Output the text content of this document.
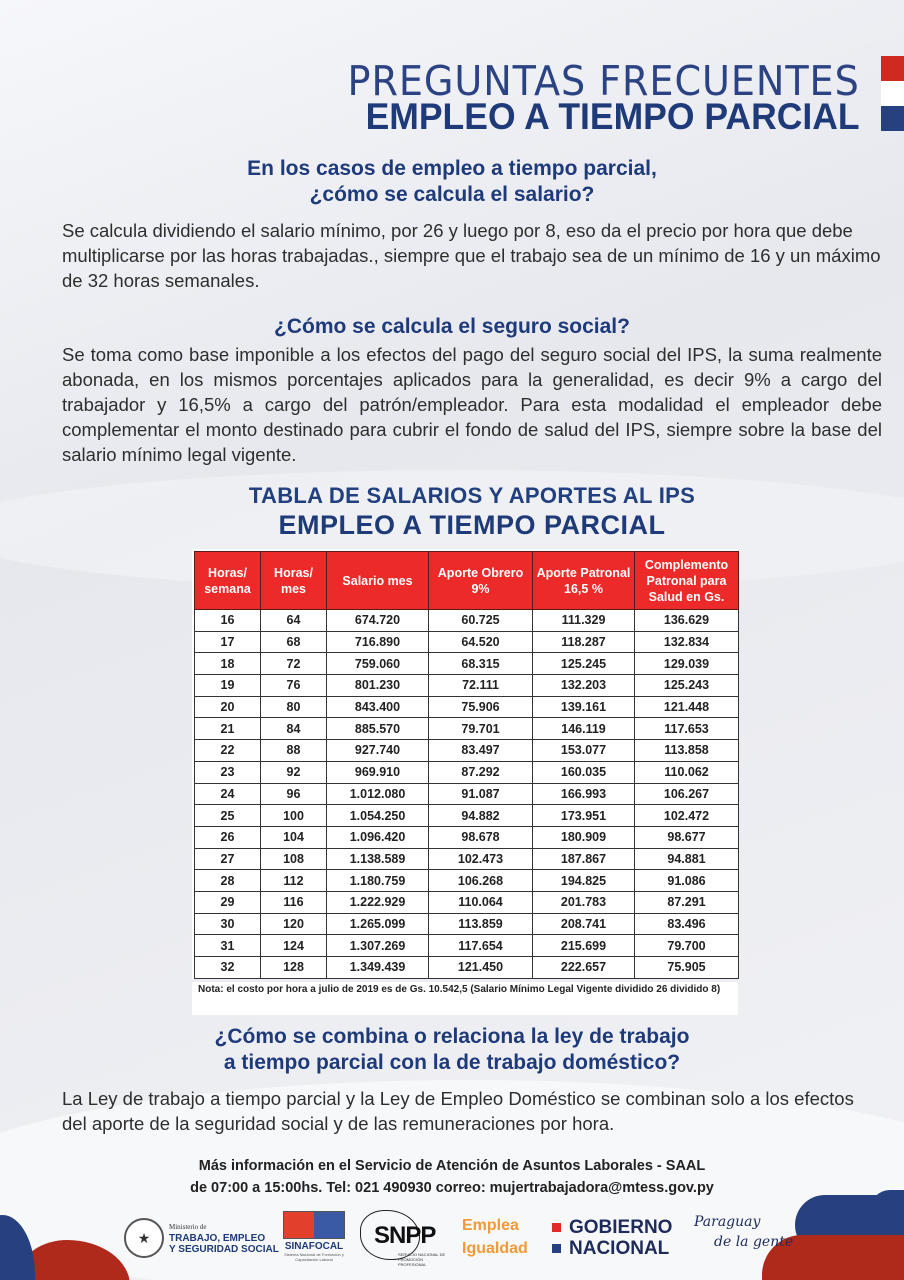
PREGUNTAS FRECUENTES
EMPLEO A TIEMPO PARCIAL
En los casos de empleo a tiempo parcial,
¿cómo se calcula el salario?
Se calcula dividiendo el salario mínimo, por 26 y luego por 8, eso da el precio por hora que debe multiplicarse por las horas trabajadas., siempre que el trabajo sea de un mínimo de 16 y un máximo de 32 horas semanales.
¿Cómo se calcula el seguro social?
Se toma como base imponible a los efectos del pago del seguro social del IPS, la suma realmente abonada, en los mismos porcentajes aplicados para la generalidad, es decir 9% a cargo del trabajador y 16,5% a cargo del patrón/empleador. Para esta modalidad el empleador debe complementar el monto destinado para cubrir el fondo de salud del IPS, siempre sobre la base del salario mínimo legal vigente.
TABLA DE SALARIOS Y APORTES AL IPS
EMPLEO A TIEMPO PARCIAL
Horas/ semana	Horas/ mes	Salario mes	Aporte Obrero 9%	Aporte Patronal 16,5 %	Complemento Patronal para Salud en Gs.
16	64	674.720	60.725	111.329	136.629
17	68	716.890	64.520	118.287	132.834
18	72	759.060	68.315	125.245	129.039
19	76	801.230	72.111	132.203	125.243
20	80	843.400	75.906	139.161	121.448
21	84	885.570	79.701	146.119	117.653
22	88	927.740	83.497	153.077	113.858
23	92	969.910	87.292	160.035	110.062
24	96	1.012.080	91.087	166.993	106.267
25	100	1.054.250	94.882	173.951	102.472
26	104	1.096.420	98.678	180.909	98.677
27	108	1.138.589	102.473	187.867	94.881
28	112	1.180.759	106.268	194.825	91.086
29	116	1.222.929	110.064	201.783	87.291
30	120	1.265.099	113.859	208.741	83.496
31	124	1.307.269	117.654	215.699	79.700
32	128	1.349.439	121.450	222.657	75.905
Nota: el costo por hora a julio de 2019 es de Gs. 10.542,5 (Salario Mínimo Legal Vigente dividido 26 dividido 8)
¿Cómo se combina o relaciona la ley de trabajo
a tiempo parcial con la de trabajo doméstico?
La Ley de trabajo a tiempo parcial y la Ley de Empleo Doméstico se combinan solo a los efectos del aporte de la seguridad social y de las remuneraciones por hora.
Más información en el Servicio de Atención de Asuntos Laborales - SAAL
de 07:00 a 15:00hs. Tel: 021 490930 correo: mujertrabajadora@mtess.gov.py
★
Ministerio de
TRABAJO, EMPLEO
Y SEGURIDAD SOCIAL SINAFOCAL
Sistema Nacional de Formación y Capacitación Laboral
SNPP
SERVICIO NACIONAL DE PROMOCIÓN PROFESIONAL
Emplea
Igualdad
GOBIERNO
NACIONAL
Paraguay
de la gente
